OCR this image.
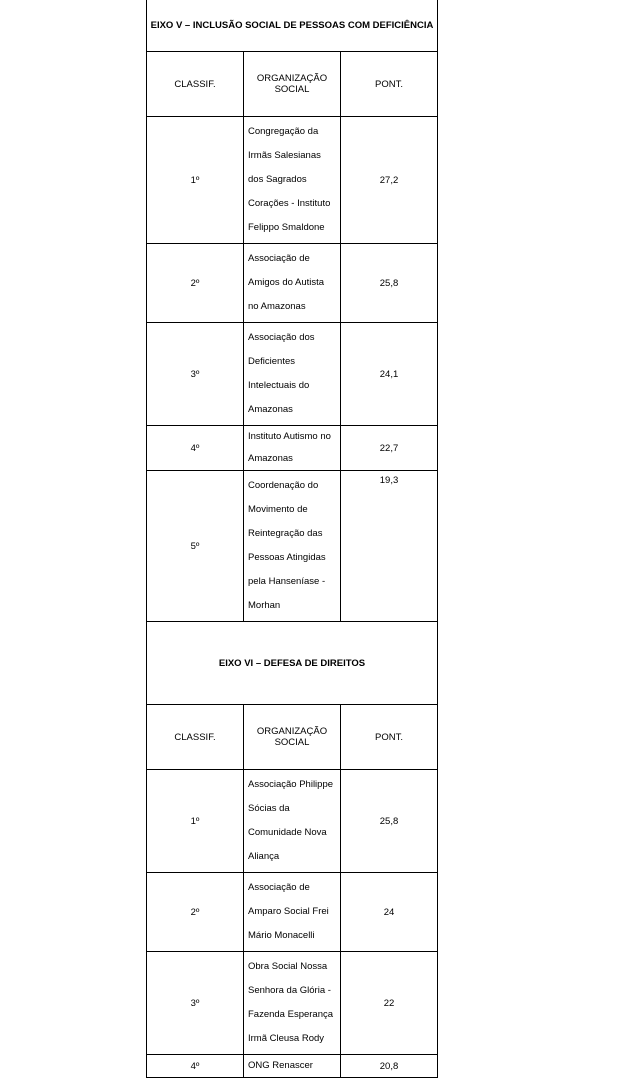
EIXO V – INCLUSÃO SOCIAL DE PESSOAS COM DEFICIÊNCIA		
CLASSIF.	ORGANIZAÇÃO SOCIAL	PONT.
1º	Congregação da Irmãs Salesianas dos Sagrados Corações - Instituto Felippo Smaldone	27,2
2º	Associação de Amigos do Autista no Amazonas	25,8
3º	Associação dos Deficientes Intelectuais do Amazonas	24,1
4º	Instituto Autismo no Amazonas	22,7
5º	Coordenação do Movimento de Reintegração das Pessoas Atingidas pela Hanseníase - Morhan	19,3
EIXO VI – DEFESA DE DIREITOS		
CLASSIF.	ORGANIZAÇÃO SOCIAL	PONT.
1º	Associação Philippe Sócias da Comunidade Nova Aliança	25,8
2º	Associação de Amparo Social Frei Mário Monacelli	24
3º	Obra Social Nossa Senhora da Glória - Fazenda Esperança Irmã Cleusa Rody	22
4º	ONG Renascer	20,8
